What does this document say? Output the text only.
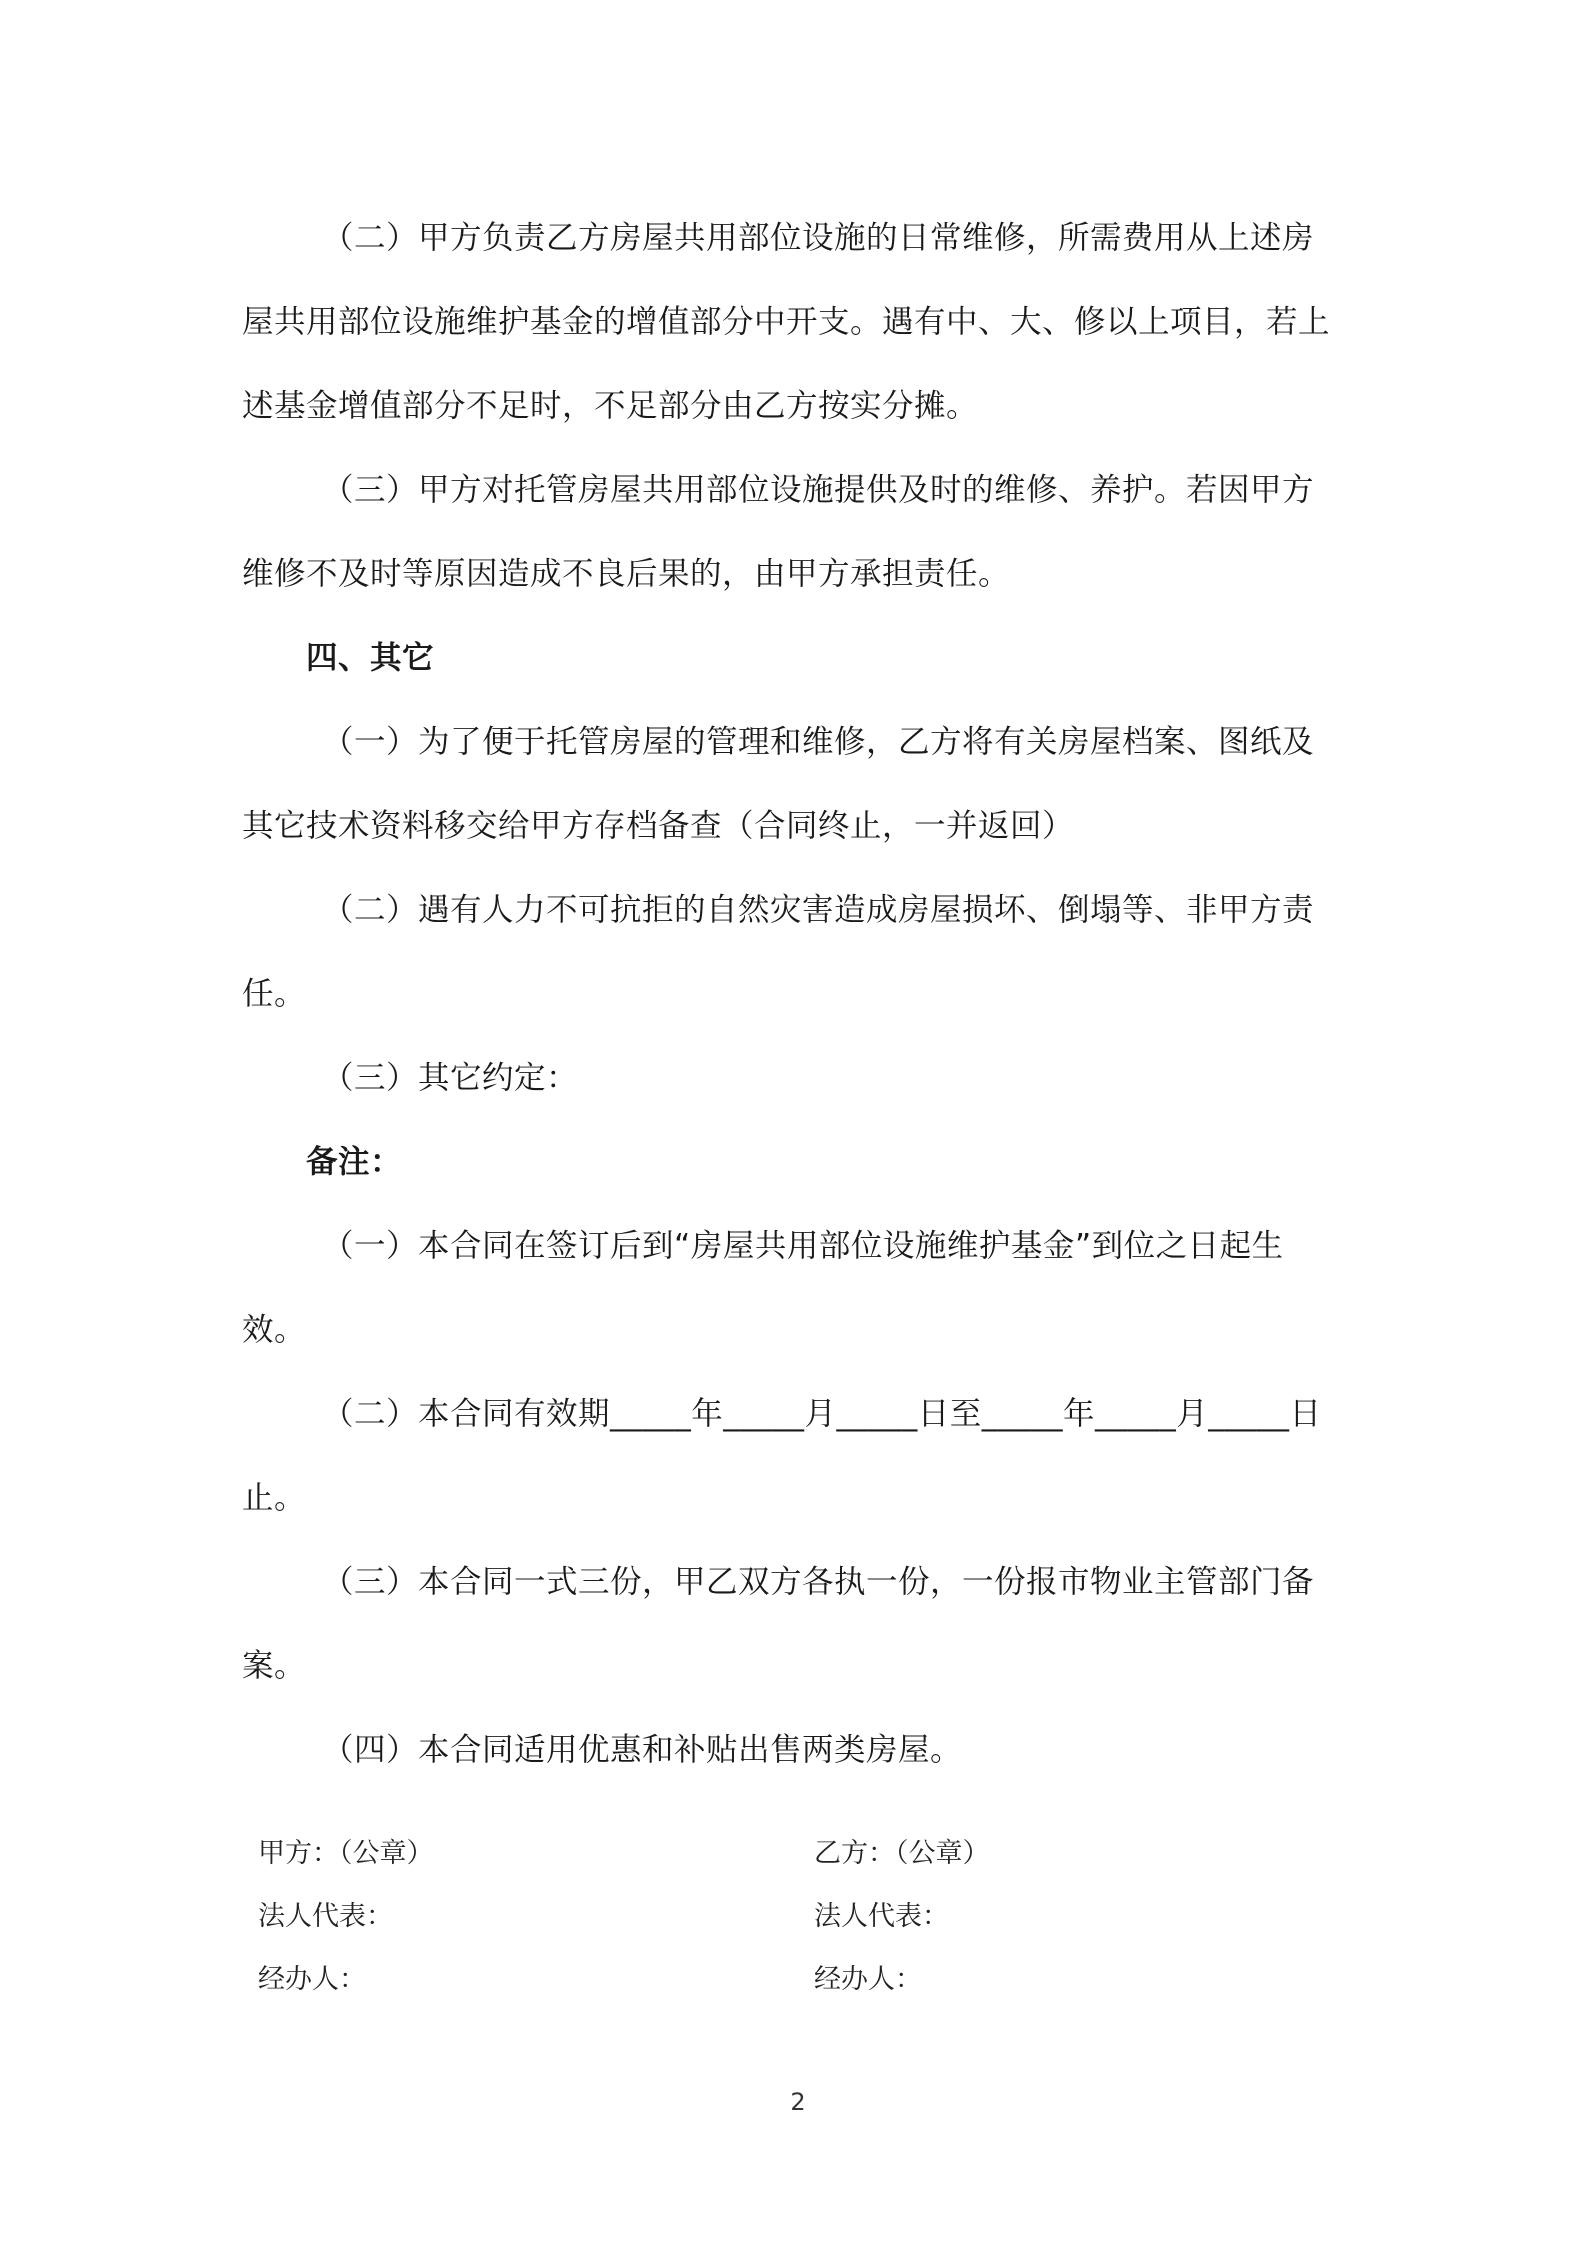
（二）甲方负责乙方房屋共用部位设施的日常维修，所需费用从上述房屋共用部位设施维护基金的增值部分中开支。遇有中、大、修以上项目，若上述基金增值部分不足时，不足部分由乙方按实分摊。

（三）甲方对托管房屋共用部位设施提供及时的维修、养护。若因甲方维修不及时等原因造成不良后果的，由甲方承担责任。

四、其它

（一）为了便于托管房屋的管理和维修，乙方将有关房屋档案、图纸及其它技术资料移交给甲方存档备查（合同终止，一并返回）

（二）遇有人力不可抗拒的自然灾害造成房屋损坏、倒塌等、非甲方责任。

（三）其它约定：

备注：

（一）本合同在签订后到“房屋共用部位设施维护基金”到位之日起生效。

（二）本合同有效期_____年_____月_____日至_____年_____月_____日止。

（三）本合同一式三份，甲乙双方各执一份，一份报市物业主管部门备案。

（四）本合同适用优惠和补贴出售两类房屋。

甲方：（公章）
法人代表：
经办人：
乙方：（公章）
法人代表：
经办人：
2
